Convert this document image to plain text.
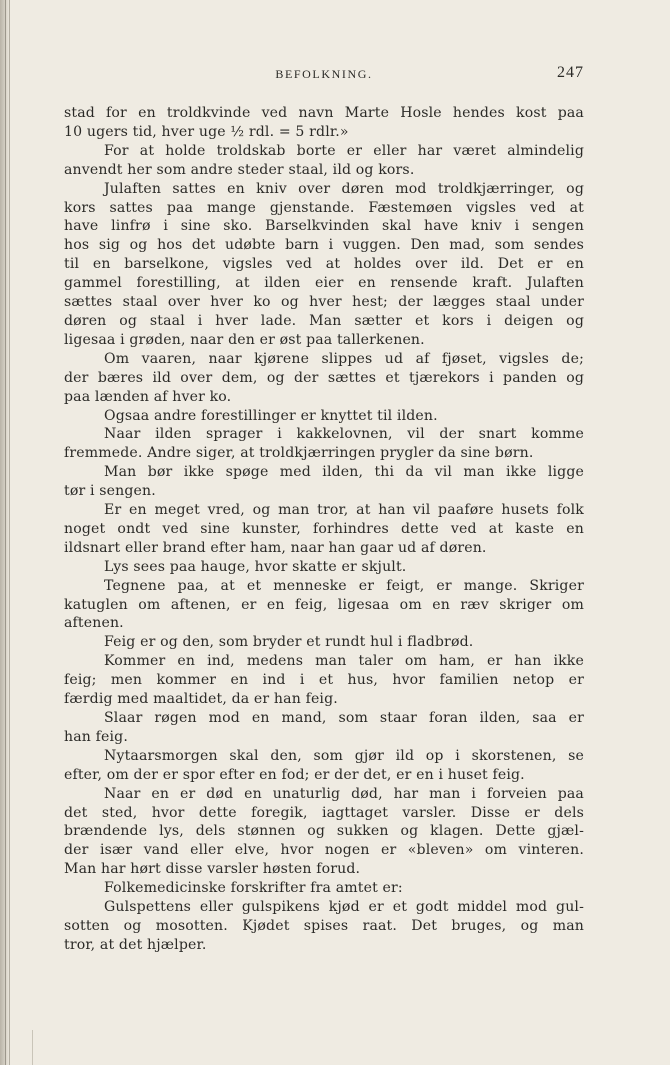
BEFOLKNING.	247
stad for en troldkvinde ved navn Marte Hosle hendes kost paa
10 ugers tid, hver uge ½ rdl. = 5 rdlr.»
For at holde troldskab borte er eller har været almindelig
anvendt her som andre steder staal, ild og kors.
Julaften sattes en kniv over døren mod troldkjærringer, og
kors sattes paa mange gjenstande. Fæstemøen vigsles ved at
have linfrø i sine sko. Barselkvinden skal have kniv i sengen
hos sig og hos det udøbte barn i vuggen. Den mad, som sendes
til en barselkone, vigsles ved at holdes over ild. Det er en
gammel forestilling, at ilden eier en rensende kraft. Julaften
sættes staal over hver ko og hver hest; der lægges staal under
døren og staal i hver lade. Man sætter et kors i deigen og
ligesaa i grøden, naar den er øst paa tallerkenen.
Om vaaren, naar kjørene slippes ud af fjøset, vigsles de;
der bæres ild over dem, og der sættes et tjærekors i panden og
paa lænden af hver ko.
Ogsaa andre forestillinger er knyttet til ilden.
Naar ilden sprager i kakkelovnen, vil der snart komme
fremmede. Andre siger, at troldkjærringen prygler da sine børn.
Man bør ikke spøge med ilden, thi da vil man ikke ligge
tør i sengen.
Er en meget vred, og man tror, at han vil paaføre husets folk
noget ondt ved sine kunster, forhindres dette ved at kaste en
ildsnart eller brand efter ham, naar han gaar ud af døren.
Lys sees paa hauge, hvor skatte er skjult.
Tegnene paa, at et menneske er feigt, er mange. Skriger
katuglen om aftenen, er en feig, ligesaa om en ræv skriger om
aftenen.
Feig er og den, som bryder et rundt hul i fladbrød.
Kommer en ind, medens man taler om ham, er han ikke
feig; men kommer en ind i et hus, hvor familien netop er
færdig med maaltidet, da er han feig.
Slaar røgen mod en mand, som staar foran ilden, saa er
han feig.
Nytaarsmorgen skal den, som gjør ild op i skorstenen, se
efter, om der er spor efter en fod; er der det, er en i huset feig.
Naar en er død en unaturlig død, har man i forveien paa
det sted, hvor dette foregik, iagttaget varsler. Disse er dels
brændende lys, dels stønnen og sukken og klagen. Dette gjæl-
der især vand eller elve, hvor nogen er «bleven» om vinteren.
Man har hørt disse varsler høsten forud.
Folkemedicinske forskrifter fra amtet er:
Gulspettens eller gulspikens kjød er et godt middel mod gul-
sotten og mosotten. Kjødet spises raat. Det bruges, og man
tror, at det hjælper.
